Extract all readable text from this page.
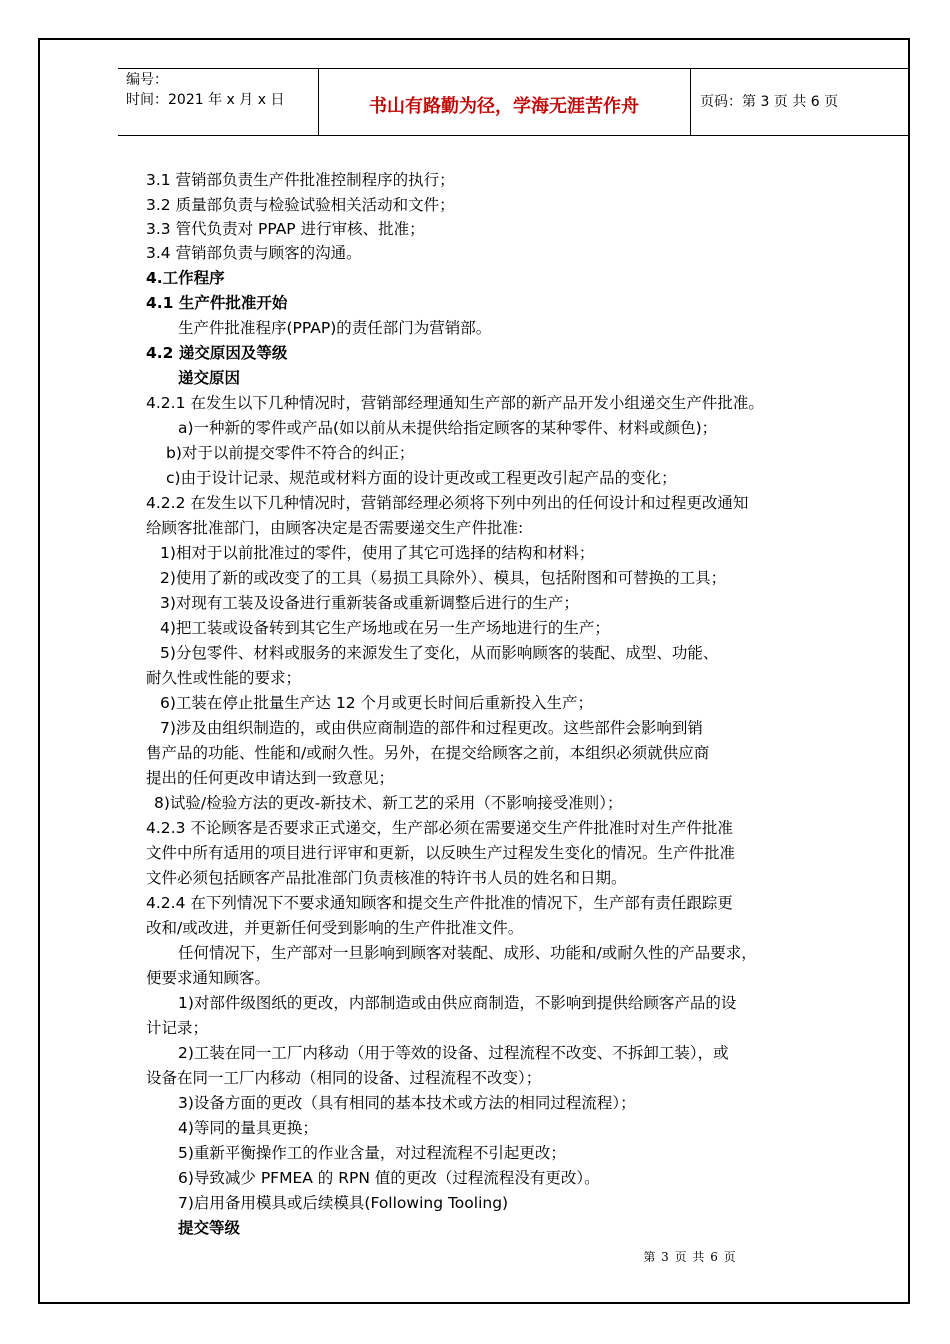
编号：
时间：2021 年 x 月 x 日	书山有路勤为径，学海无涯苦作舟	页码：第 3 页 共 6 页
3.1 营销部负责生产件批准控制程序的执行；
3.2 质量部负责与检验试验相关活动和文件；
3.3 管代负责对 PPAP 进行审核、批准；
3.4 营销部负责与顾客的沟通。
4.工作程序
4.1 生产件批准开始
生产件批准程序(PPAP)的责任部门为营销部。
4.2 递交原因及等级
递交原因
4.2.1 在发生以下几种情况时，营销部经理通知生产部的新产品开发小组递交生产件批准。
a)一种新的零件或产品(如以前从未提供给指定顾客的某种零件、材料或颜色)；
b)对于以前提交零件不符合的纠正；
c)由于设计记录、规范或材料方面的设计更改或工程更改引起产品的变化；
4.2.2 在发生以下几种情况时，营销部经理必须将下列中列出的任何设计和过程更改通知
给顾客批准部门，由顾客决定是否需要递交生产件批准:
1)相对于以前批准过的零件，使用了其它可选择的结构和材料；
2)使用了新的或改变了的工具（易损工具除外）、模具，包括附图和可替换的工具；
3)对现有工装及设备进行重新装备或重新调整后进行的生产；
4)把工装或设备转到其它生产场地或在另一生产场地进行的生产；
5)分包零件、材料或服务的来源发生了变化，从而影响顾客的装配、成型、功能、
耐久性或性能的要求；
6)工装在停止批量生产达 12 个月或更长时间后重新投入生产；
7)涉及由组织制造的，或由供应商制造的部件和过程更改。这些部件会影响到销
售产品的功能、性能和/或耐久性。另外，在提交给顾客之前，本组织必须就供应商
提出的任何更改申请达到一致意见；
8)试验/检验方法的更改-新技术、新工艺的采用（不影响接受准则）；
4.2.3 不论顾客是否要求正式递交，生产部必须在需要递交生产件批准时对生产件批准
文件中所有适用的项目进行评审和更新，以反映生产过程发生变化的情况。生产件批准
文件必须包括顾客产品批准部门负责核准的特许书人员的姓名和日期。
4.2.4 在下列情况下不要求通知顾客和提交生产件批准的情况下，生产部有责任跟踪更
改和/或改进，并更新任何受到影响的生产件批准文件。
任何情况下，生产部对一旦影响到顾客对装配、成形、功能和/或耐久性的产品要求，
便要求通知顾客。
1)对部件级图纸的更改，内部制造或由供应商制造，不影响到提供给顾客产品的设
计记录；
2)工装在同一工厂内移动（用于等效的设备、过程流程不改变、不拆卸工装），或
设备在同一工厂内移动（相同的设备、过程流程不改变）；
3)设备方面的更改（具有相同的基本技术或方法的相同过程流程）；
4)等同的量具更换；
5)重新平衡操作工的作业含量，对过程流程不引起更改；
6)导致减少 PFMEA 的 RPN 值的更改（过程流程没有更改）。
7)启用备用模具或后续模具(Following Tooling)
提交等级
第 3 页 共 6 页
